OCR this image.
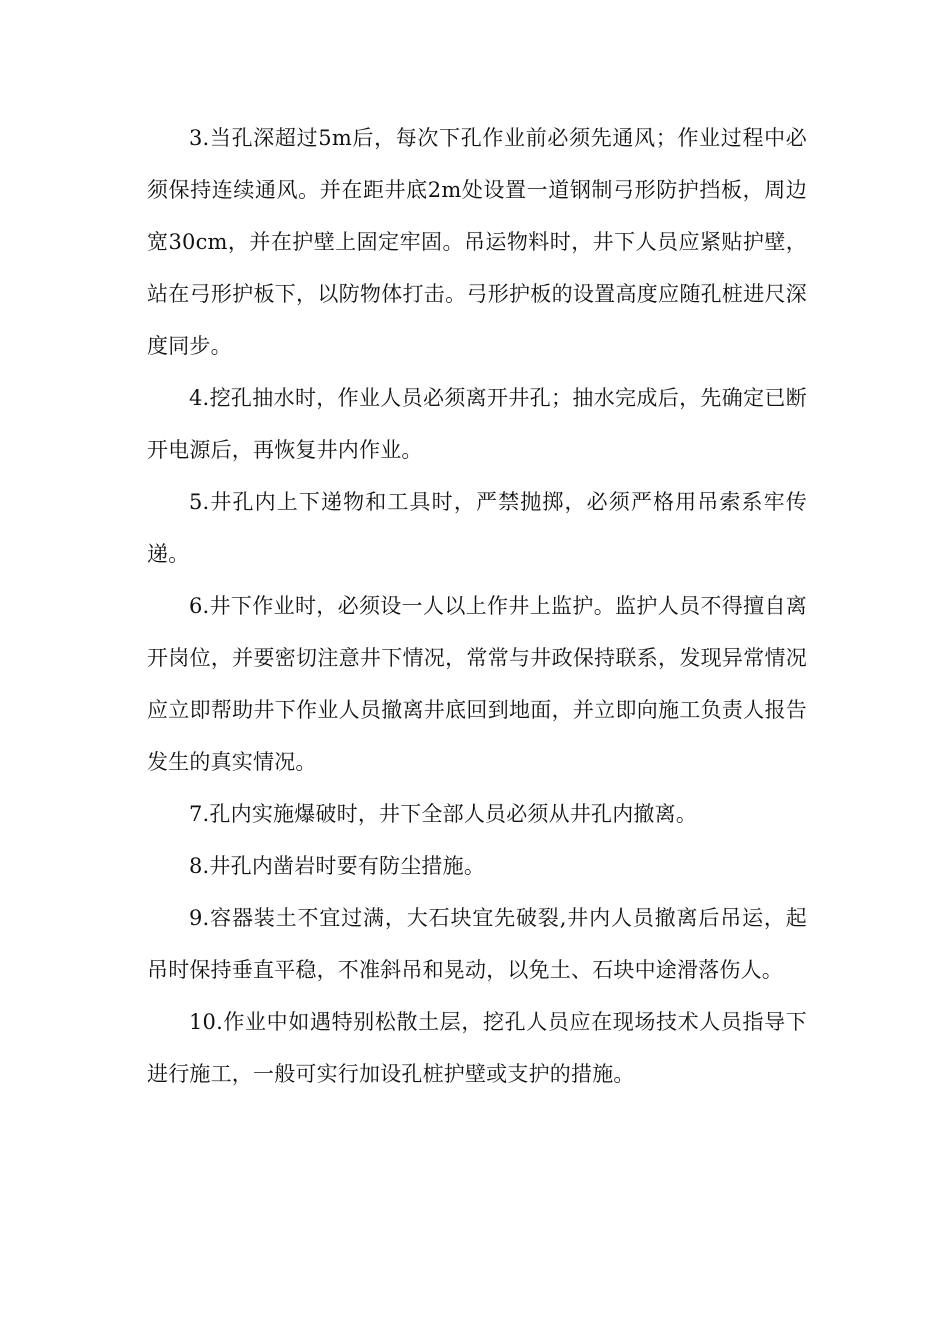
3.当孔深超过5m后，每次下孔作业前必须先通风；作业过程中必须保持连续通风。并在距井底2m处设置一道钢制弓形防护挡板，周边宽30cm，并在护壁上固定牢固。吊运物料时，井下人员应紧贴护壁，站在弓形护板下，以防物体打击。弓形护板的设置高度应随孔桩进尺深度同步。

4.挖孔抽水时，作业人员必须离开井孔；抽水完成后，先确定已断开电源后，再恢复井内作业。

5.井孔内上下递物和工具时，严禁抛掷，必须严格用吊索系牢传递。

6.井下作业时，必须设一人以上作井上监护。监护人员不得擅自离开岗位，并要密切注意井下情况，常常与井政保持联系，发现异常情况应立即帮助井下作业人员撤离井底回到地面，并立即向施工负责人报告发生的真实情况。

7.孔内实施爆破时，井下全部人员必须从井孔内撤离。

8.井孔内凿岩时要有防尘措施。

9.容器装土不宜过满，大石块宜先破裂,井内人员撤离后吊运，起吊时保持垂直平稳，不准斜吊和晃动，以免土、石块中途滑落伤人。

10.作业中如遇特别松散土层，挖孔人员应在现场技术人员指导下进行施工，一般可实行加设孔桩护壁或支护的措施。
